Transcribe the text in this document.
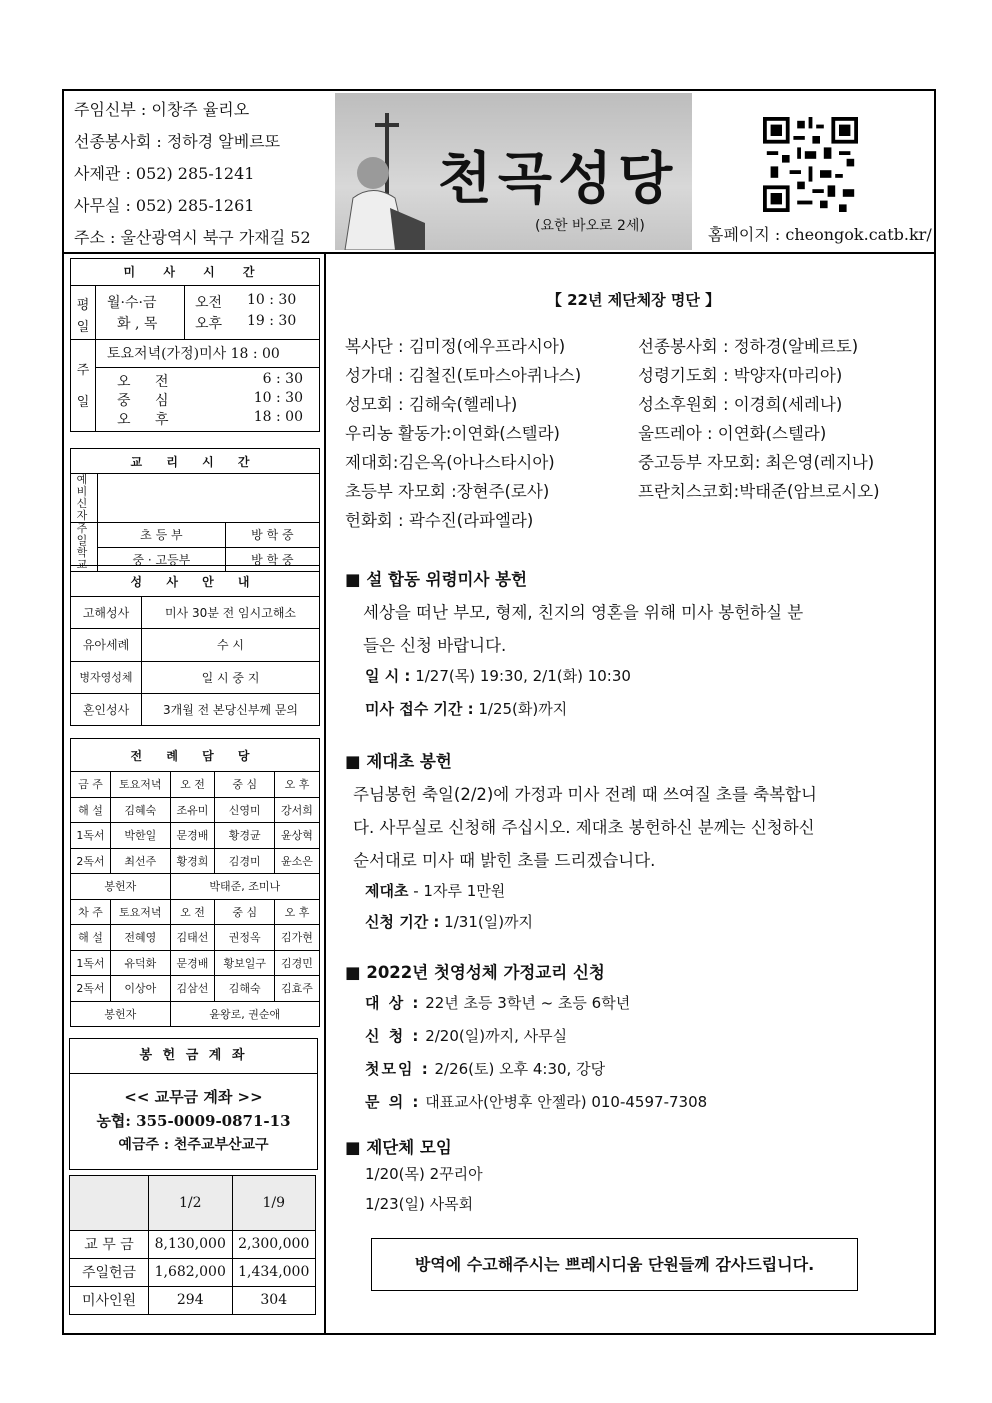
주임신부 : 이창주 율리오
선종봉사회 : 정하경 알베르또
사제관 : 052) 285-1241
사무실 : 052) 285-1261
주소 : 울산광역시 북구 가재길 52
천곡성당
(요한 바오로 2세)	홈페이지 : cheongok.catb.kr/
미 사 시 간
평일
월·수·금	오전 10 : 30
화 , 목	오후 19 : 30
주일
토요저녁(가정)미사 18 : 00
오 전	6 : 30
중 심	10 : 30
오 후	18 : 00
교 리 시 간		
예 비 신 자		
주 일 학 교	초 등 부	방 학 중
	중 · 고등부	방 학 중
성 사 안 내	
고해성사	미사 30분 전 임시고해소
유아세례	수 시
병자영성체	일 시 중 지
혼인성사	3개월 전 본당신부께 문의
전 례 담 당				
금 주	토요저녁	오 전	중 심	오 후
해 설	김혜숙	조유미	신영미	강서희
1독서	박한일	문경배	황경균	윤상혁
2독서	최선주	황경희	김경미	윤소은
봉헌자		박태준, 조미나		
차 주	토요저녁	오 전	중 심	오 후
해 설	전혜영	김태선	권정옥	김가현
1독서	유덕화	문경배	황보일구	김경민
2독서	이상아	김삼선	김해숙	김효주
봉헌자		윤왕로, 권순애		
봉 헌 금 계 좌
<< 교무금 계좌 >>
농협: 355-0009-0871-13
예금주 : 천주교부산교구
	1/2	1/9
교 무 금	8,130,000	2,300,000
주일헌금	1,682,000	1,434,000
미사인원	294	304
【 22년 제단체장 명단 】
복사단 : 김미정(에우프라시아)
성가대 : 김철진(토마스아퀴나스)
성모회 : 김해숙(헬레나)
우리농 활동가:이연화(스텔라)
제대회:김은옥(아나스타시아)
초등부 자모회 :장현주(로사)
헌화회 : 곽수진(라파엘라)
선종봉사회 : 정하경(알베르토)
성령기도회 : 박양자(마리아)
성소후원회 : 이경희(세레나)
울뜨레아 : 이연화(스텔라)
중고등부 자모회: 최은영(레지나)
프란치스코회:박태준(암브로시오)
■ 설 합동 위령미사 봉헌
세상을 떠난 부모, 형제, 친지의 영혼을 위해 미사 봉헌하실 분
들은 신청 바랍니다.
일 시 : 1/27(목) 19:30, 2/1(화) 10:30
미사 접수 기간 : 1/25(화)까지
■ 제대초 봉헌
주님봉헌 축일(2/2)에 가정과 미사 전례 때 쓰여질 초를 축복합니
다. 사무실로 신청해 주십시오. 제대초 봉헌하신 분께는 신청하신
순서대로 미사 때 밝힌 초를 드리겠습니다.
제대초 - 1자루 1만원
신청 기간 : 1/31(일)까지
■ 2022년 첫영성체 가정교리 신청
대 상 : 22년 초등 3학년 ~ 초등 6학년
신 청 : 2/20(일)까지, 사무실
첫모임 : 2/26(토) 오후 4:30, 강당
문 의 : 대표교사(안병후 안젤라) 010-4597-7308
■ 제단체 모임
1/20(목) 2꾸리아
1/23(일) 사목회
방역에 수고해주시는 쁘레시디움 단원들께 감사드립니다.
